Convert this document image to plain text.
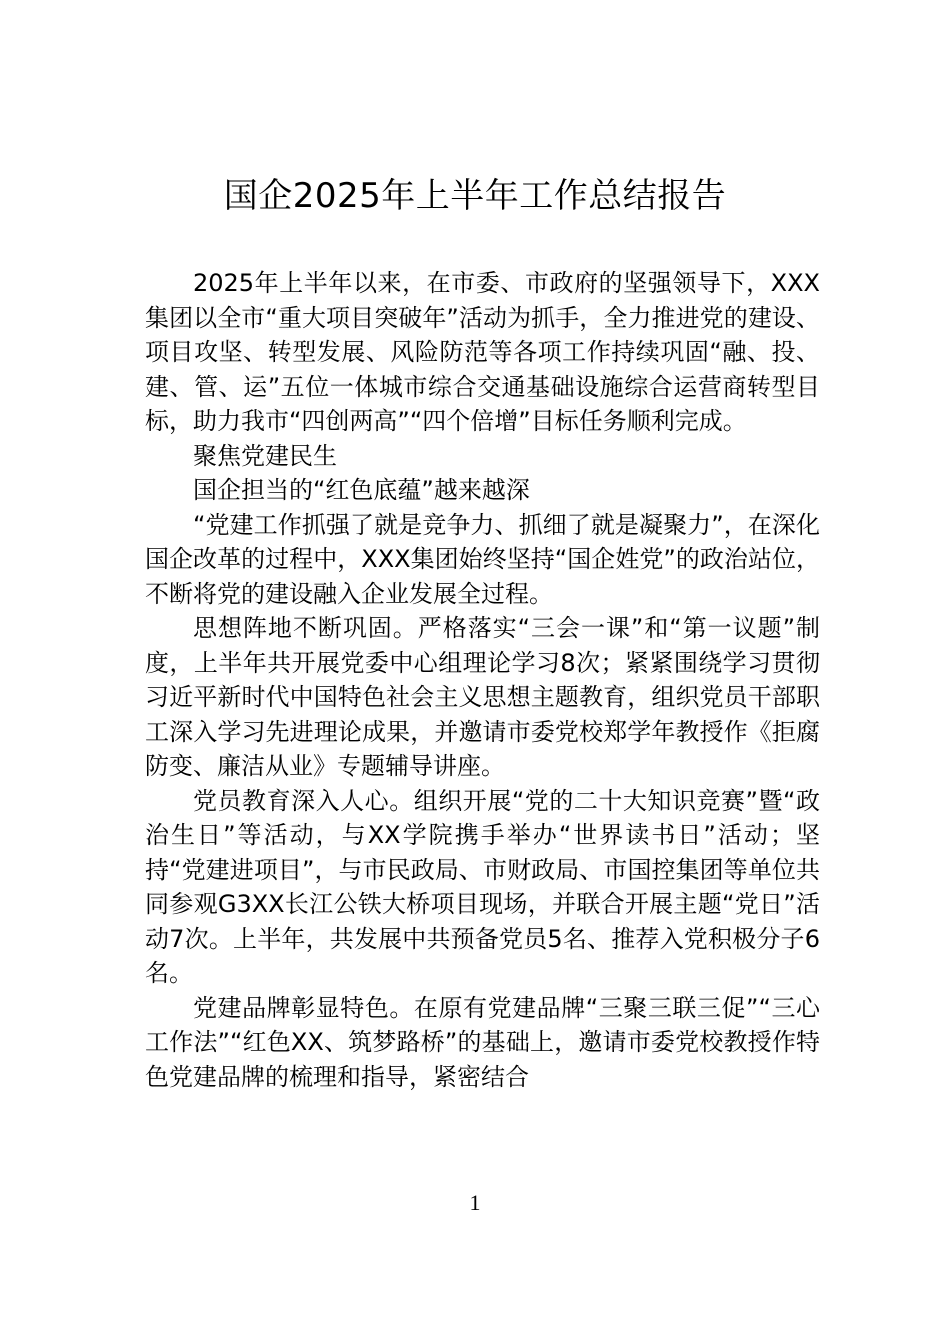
国企2025年上半年工作总结报告

2025年上半年以来，在市委、市政府的坚强领导下，XXX集团以全市“重大项目突破年”活动为抓手，全力推进党的建设、项目攻坚、转型发展、风险防范等各项工作持续巩固“融、投、建、管、运”五位一体城市综合交通基础设施综合运营商转型目标，助力我市“四创两高”“四个倍增”目标任务顺利完成。

聚焦党建民生

国企担当的“红色底蕴”越来越深

“党建工作抓强了就是竞争力、抓细了就是凝聚力”，在深化国企改革的过程中，XXX集团始终坚持“国企姓党”的政治站位，不断将党的建设融入企业发展全过程。

思想阵地不断巩固。严格落实“三会一课”和“第一议题”制度，上半年共开展党委中心组理论学习8次；紧紧围绕学习贯彻习近平新时代中国特色社会主义思想主题教育，组织党员干部职工深入学习先进理论成果，并邀请市委党校郑学年教授作《拒腐防变、廉洁从业》专题辅导讲座。

党员教育深入人心。组织开展“党的二十大知识竞赛”暨“政治生日”等活动，与XX学院携手举办“世界读书日”活动；坚持“党建进项目”，与市民政局、市财政局、市国控集团等单位共同参观G3XX长江公铁大桥项目现场，并联合开展主题“党日”活动7次。上半年，共发展中共预备党员5名、推荐入党积极分子6名。

党建品牌彰显特色。在原有党建品牌“三聚三联三促”“三心工作法”“红色XX、筑梦路桥”的基础上，邀请市委党校教授作特色党建品牌的梳理和指导，紧密结合

1
